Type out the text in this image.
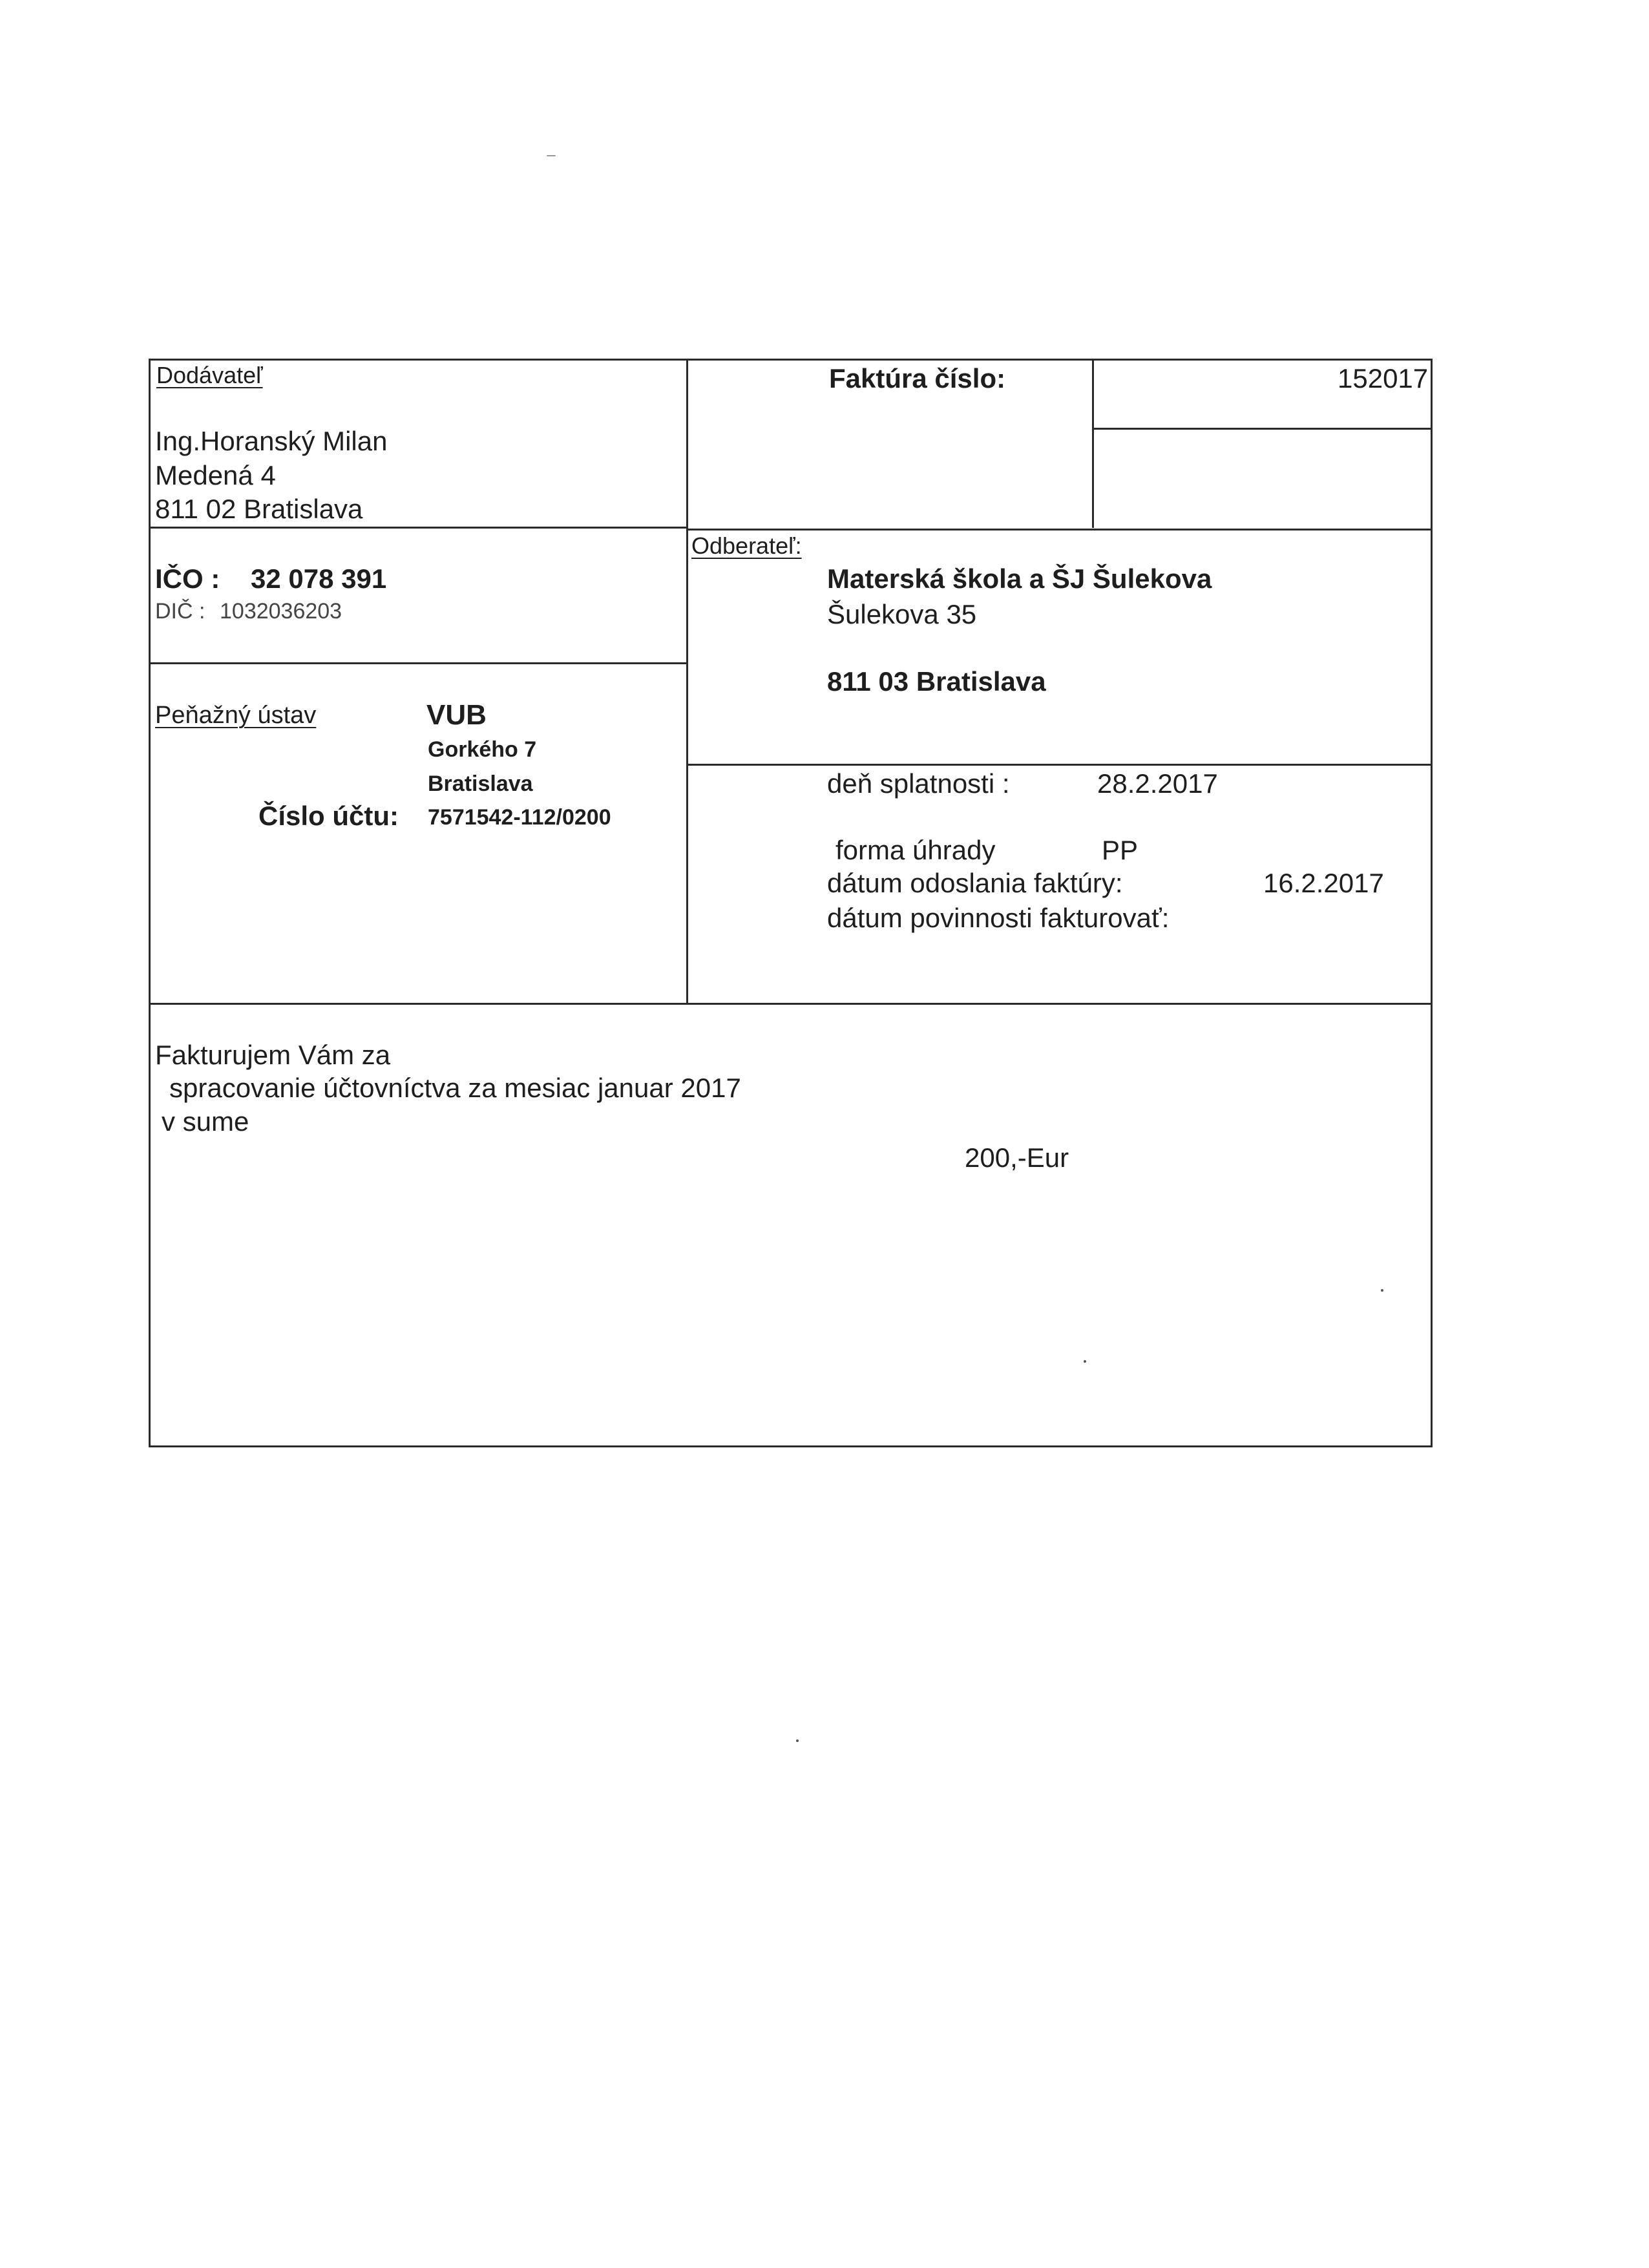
Dodávateľ
Ing.Horanský Milan
Medená 4
811 02 Bratislava
IČO : 32 078 391
DIČ : 1032036203
Peňažný ústav	VUB
Gorkého 7
Bratislava
Číslo účtu: 7571542-112/0200
Faktúra číslo:	152017
Odberateľ:
Materská škola a ŠJ Šulekova
Šulekova 35
811 03 Bratislava
deň splatnosti :	28.2.2017
forma úhrady	PP
dátum odoslania faktúry:	16.2.2017
dátum povinnosti fakturovať:
Fakturujem Vám za
spracovanie účtovníctva za mesiac januar 2017
v sume
200,-Eur
